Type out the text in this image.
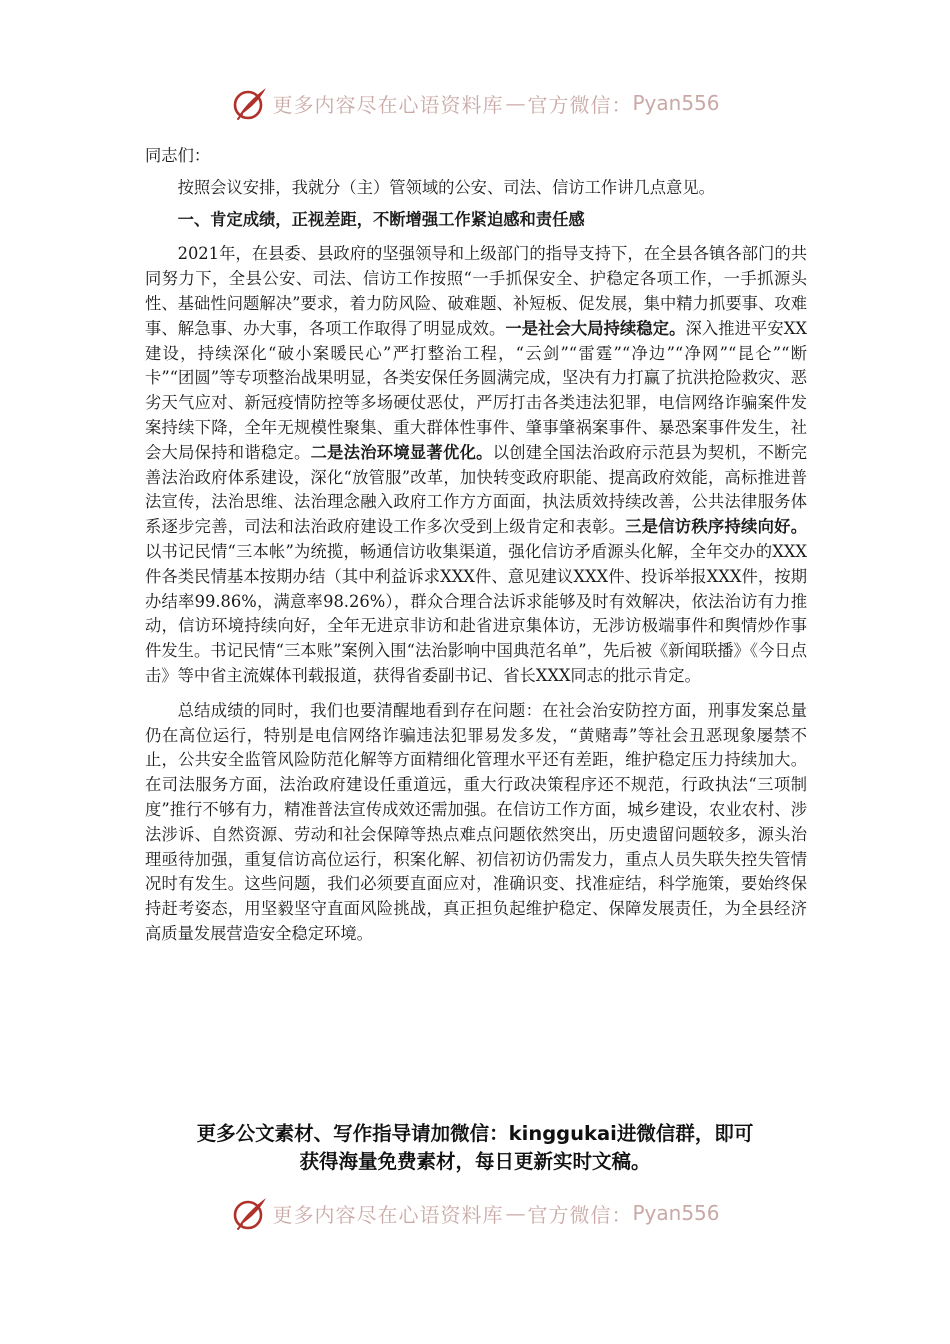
更多内容尽在心语资料库 — 官方微信： Pyan556

同志们：

按照会议安排，我就分（主）管领域的公安、司法、信访工作讲几点意见。

一、肯定成绩，正视差距，不断增强工作紧迫感和责任感

2021年，在县委、县政府的坚强领导和上级部门的指导支持下，在全县各镇各部门的共同努力下，全县公安、司法、信访工作按照“一手抓保安全、护稳定各项工作，一手抓源头性、基础性问题解决”要求，着力防风险、破难题、补短板、促发展，集中精力抓要事、攻难事、解急事、办大事，各项工作取得了明显成效。一是社会大局持续稳定。深入推进平安XX建设，持续深化“破小案暖民心”严打整治工程，“云剑”“雷霆”“净边”“净网”“昆仑”“断卡”“团圆”等专项整治战果明显，各类安保任务圆满完成，坚决有力打赢了抗洪抢险救灾、恶劣天气应对、新冠疫情防控等多场硬仗恶仗，严厉打击各类违法犯罪，电信网络诈骗案件发案持续下降，全年无规模性聚集、重大群体性事件、肇事肇祸案事件、暴恐案事件发生，社会大局保持和谐稳定。二是法治环境显著优化。以创建全国法治政府示范县为契机，不断完善法治政府体系建设，深化“放管服”改革，加快转变政府职能、提高政府效能，高标推进普法宣传，法治思维、法治理念融入政府工作方方面面，执法质效持续改善，公共法律服务体系逐步完善，司法和法治政府建设工作多次受到上级肯定和表彰。三是信访秩序持续向好。以书记民情“三本帐”为统揽，畅通信访收集渠道，强化信访矛盾源头化解，全年交办的XXX件各类民情基本按期办结（其中利益诉求XXX件、意见建议XXX件、投诉举报XXX件，按期办结率99.86%，满意率98.26%），群众合理合法诉求能够及时有效解决，依法治访有力推动，信访环境持续向好，全年无进京非访和赴省进京集体访，无涉访极端事件和舆情炒作事件发生。书记民情“三本账”案例入围“法治影响中国典范名单”，先后被《新闻联播》《今日点击》等中省主流媒体刊载报道，获得省委副书记、省长XXX同志的批示肯定。

总结成绩的同时，我们也要清醒地看到存在问题：在社会治安防控方面，刑事发案总量仍在高位运行，特别是电信网络诈骗违法犯罪易发多发，“黄赌毒”等社会丑恶现象屡禁不止，公共安全监管风险防范化解等方面精细化管理水平还有差距，维护稳定压力持续加大。在司法服务方面，法治政府建设任重道远，重大行政决策程序还不规范，行政执法“三项制度”推行不够有力，精准普法宣传成效还需加强。在信访工作方面，城乡建设，农业农村、涉法涉诉、自然资源、劳动和社会保障等热点难点问题依然突出，历史遗留问题较多，源头治理亟待加强，重复信访高位运行，积案化解、初信初访仍需发力，重点人员失联失控失管情况时有发生。这些问题，我们必须要直面应对，准确识变、找准症结，科学施策，要始终保持赶考姿态，用坚毅坚守直面风险挑战，真正担负起维护稳定、保障发展责任，为全县经济高质量发展营造安全稳定环境。

更多公文素材、写作指导请加微信：kinggukai进微信群，即可
获得海量免费素材，每日更新实时文稿。
更多内容尽在心语资料库 — 官方微信： Pyan556
